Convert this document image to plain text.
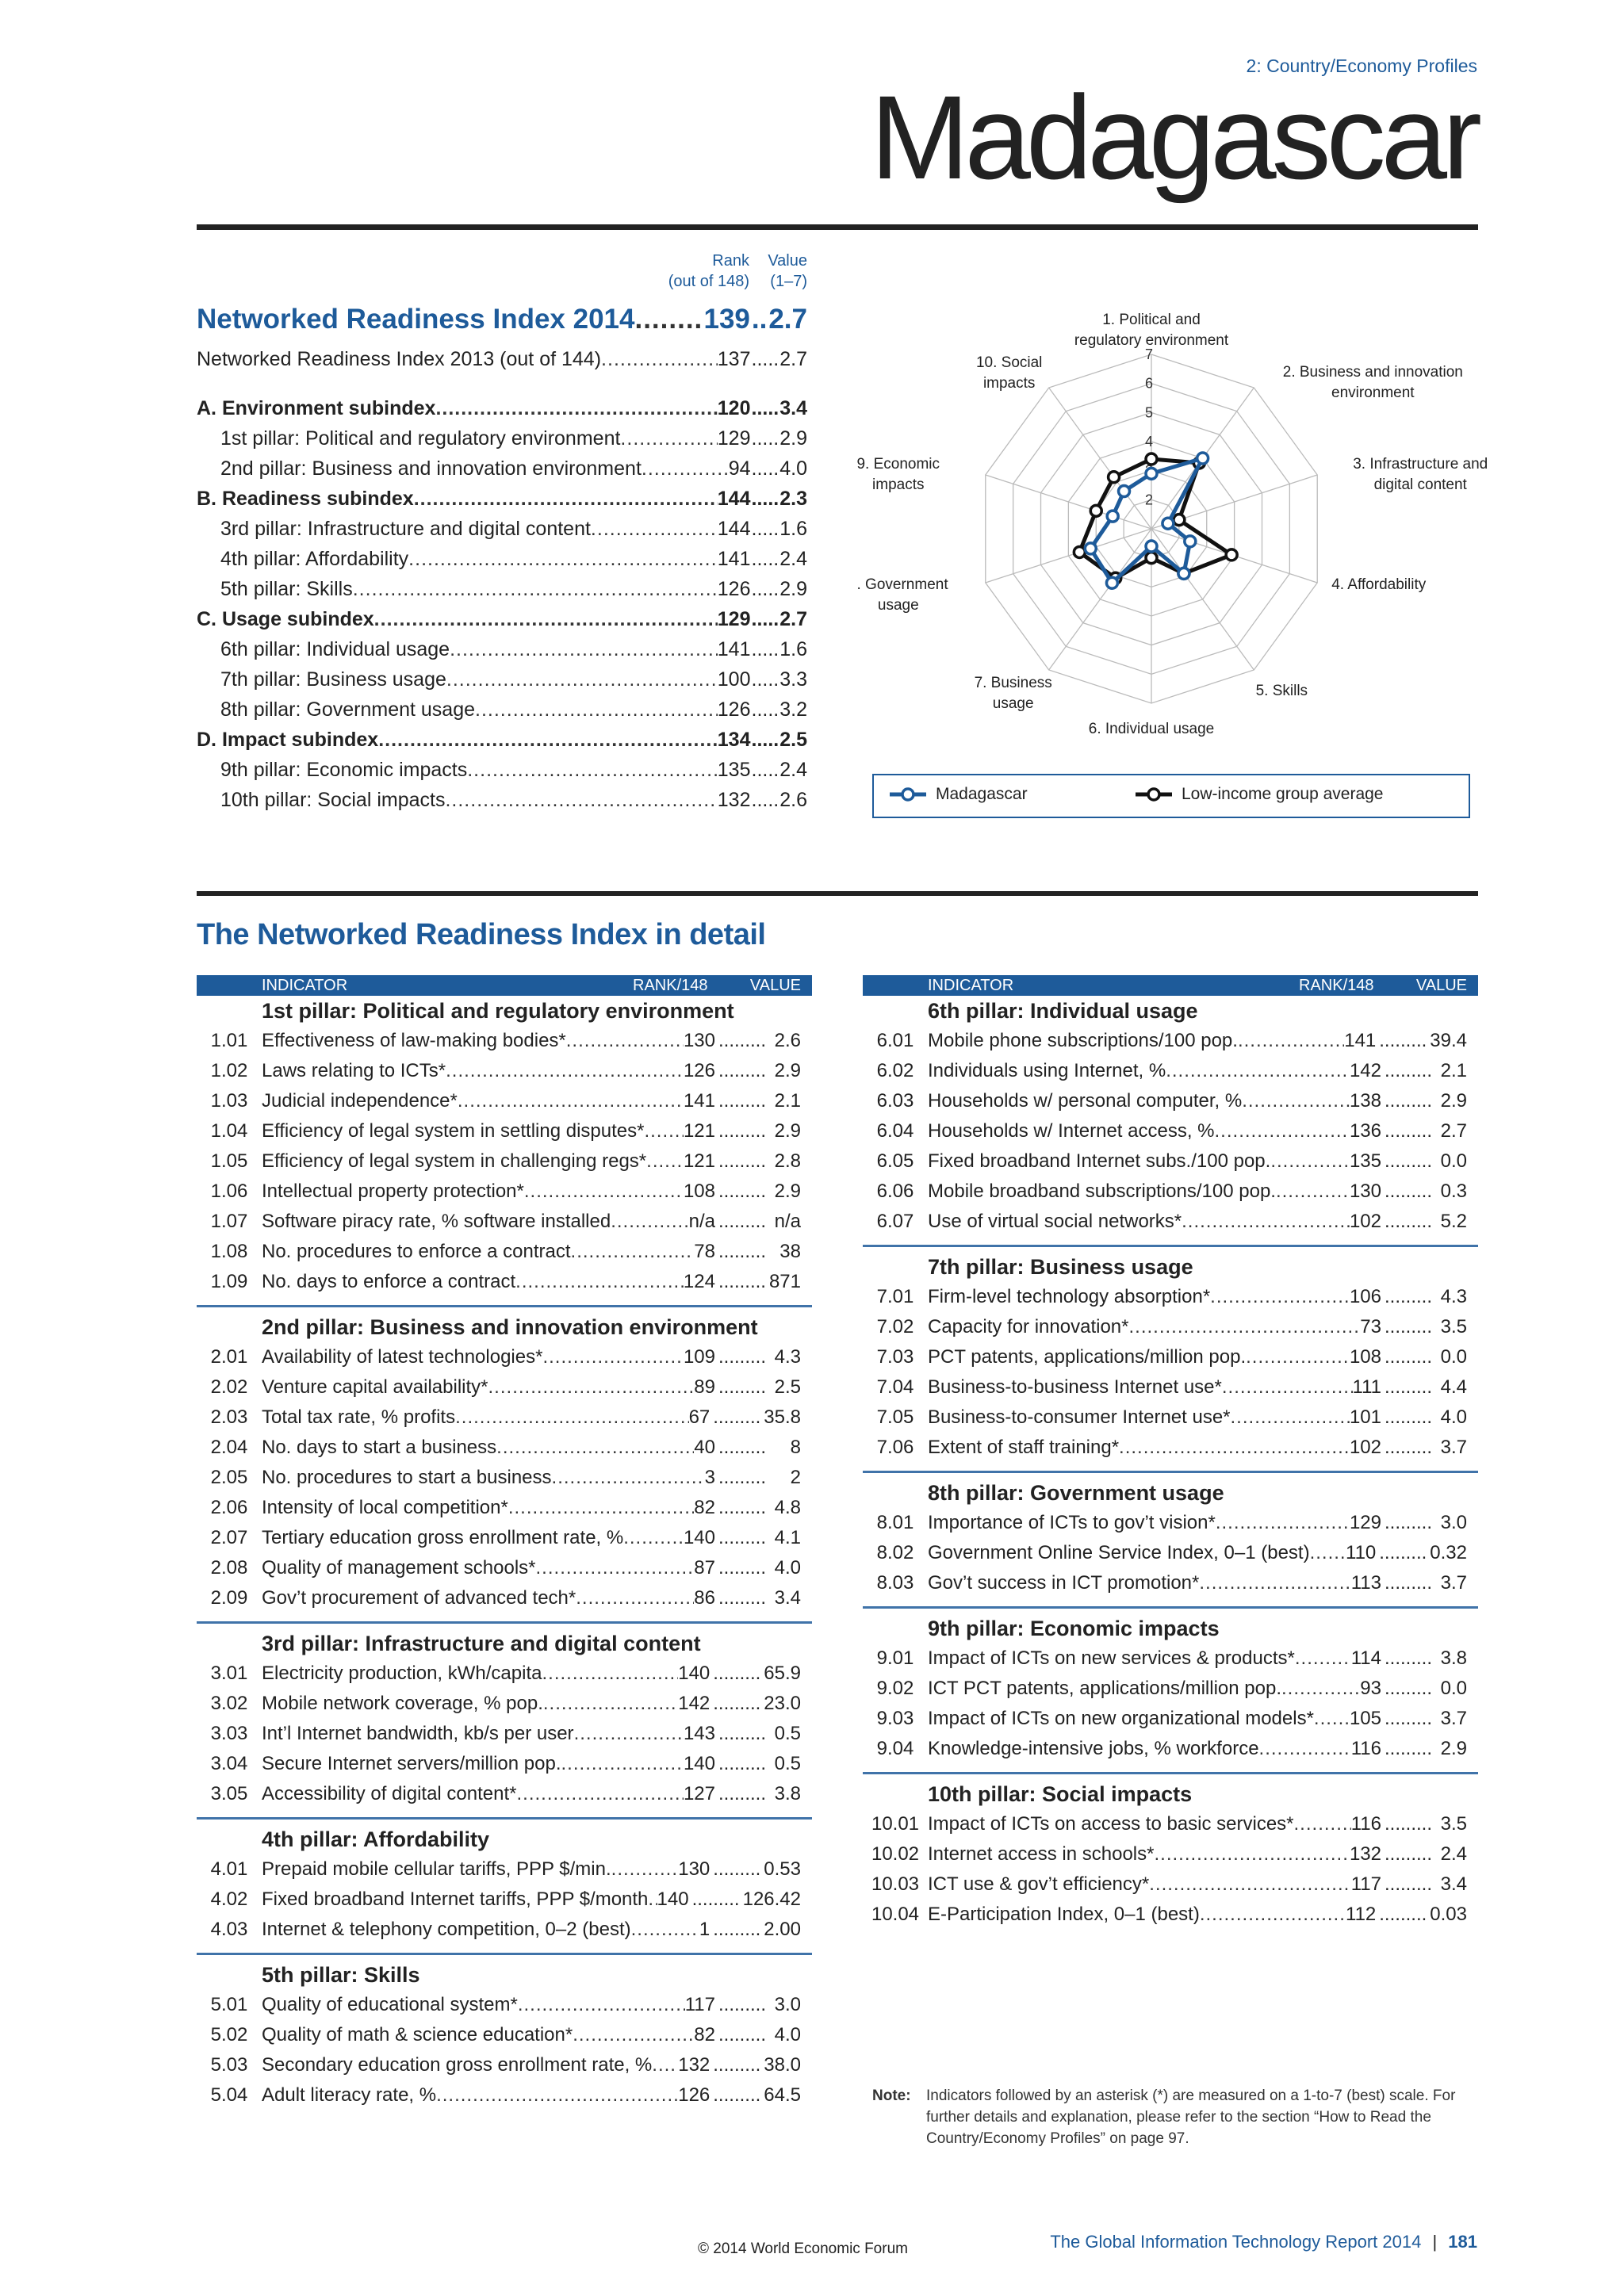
2: Country/Economy Profiles
Madagascar
Rank
(out of 148)
Value
(1–7)
Networked Readiness Index 2014 ..... 139 .. 2.7
Networked Readiness Index 2013 (out of 144) .....	137 ..... 2.7
A. Environment subindex .....	120 ..... 3.4
1st pillar: Political and regulatory environment .....	129 ..... 2.9
2nd pillar: Business and innovation environment .....	94 ..... 4.0
B. Readiness subindex .....	144 ..... 2.3
3rd pillar: Infrastructure and digital content .....	144 ..... 1.6
4th pillar: Affordability .....	141 ..... 2.4
5th pillar: Skills .....	126 ..... 2.9
C. Usage subindex .....	129 ..... 2.7
6th pillar: Individual usage .....	141 ..... 1.6
7th pillar: Business usage .....	100 ..... 3.3
8th pillar: Government usage .....	126 ..... 3.2
D. Impact subindex .....	134 ..... 2.5
9th pillar: Economic impacts .....	135 ..... 2.4
10th pillar: Social impacts .....	132 ..... 2.6
2
4
5
6
7
1. Political and regulatory environment
2. Business and innovation environment
3. Infrastructure and digital content
4. Affordability
5. Skills
6. Individual usage
7. Business usage
8. Government usage
9. Economic impacts
10. Social impacts
Madagascar	Low-income group average
The Networked Readiness Index in detail
INDICATOR	RANK/148	VALUE
1st pillar: Political and regulatory environment
1.01 Effectiveness of law-making bodies* .....	130 ......... 2.6
1.02 Laws relating to ICTs* .....	126 ......... 2.9
1.03 Judicial independence* .....	141 ......... 2.1
1.04 Efficiency of legal system in settling disputes* ..... 121 ......... 2.9
1.05 Efficiency of legal system in challenging regs* ..... 121 ......... 2.8
1.06 Intellectual property protection* .....	108 ......... 2.9
1.07 Software piracy rate, % software installed .....	n/a ......... n/a
1.08 No. procedures to enforce a contract .....	78 ......... 38
1.09 No. days to enforce a contract .....	124 ......... 871
2nd pillar: Business and innovation environment
2.01 Availability of latest technologies* .....	109 ......... 4.3
2.02 Venture capital availability* .....	89 ......... 2.5
2.03 Total tax rate, % profits .....	67 ......... 35.8
2.04 No. days to start a business .....	40 .........	8
2.05 No. procedures to start a business .....	3 .........	2
2.06 Intensity of local competition* .....	82 ......... 4.8
2.07 Tertiary education gross enrollment rate, % .....	140 ......... 4.1
2.08 Quality of management schools* .....	87 ......... 4.0
2.09 Gov’t procurement of advanced tech* .....	86 ......... 3.4
3rd pillar: Infrastructure and digital content
3.01 Electricity production, kWh/capita .....	140 ......... 65.9
3.02 Mobile network coverage, % pop. .....	142 ......... 23.0
3.03 Int’l Internet bandwidth, kb/s per user .....	143 ......... 0.5
3.04 Secure Internet servers/million pop. .....	140 ......... 0.5
3.05 Accessibility of digital content* .....	127 ......... 3.8
4th pillar: Affordability
4.01 Prepaid mobile cellular tariffs, PPP $/min. .....	130 ......... 0.53
4.02 Fixed broadband Internet tariffs, PPP $/month ..... 140 ......... 126.42
4.03 Internet & telephony competition, 0–2 (best) .....	1 ......... 2.00
5th pillar: Skills
5.01 Quality of educational system* .....	117 ......... 3.0
5.02 Quality of math & science education* .....	82 ......... 4.0
5.03 Secondary education gross enrollment rate, % ..... 132 ......... 38.0
5.04 Adult literacy rate, % .....	126 ......... 64.5
INDICATOR	RANK/148	VALUE
6th pillar: Individual usage
6.01 Mobile phone subscriptions/100 pop. .....	141 ......... 39.4
6.02 Individuals using Internet, % .....	142 ......... 2.1
6.03 Households w/ personal computer, % .....	138 ......... 2.9
6.04 Households w/ Internet access, % .....	136 ......... 2.7
6.05 Fixed broadband Internet subs./100 pop. .....	135 ......... 0.0
6.06 Mobile broadband subscriptions/100 pop. .....	130 ......... 0.3
6.07 Use of virtual social networks* .....	102 ......... 5.2
7th pillar: Business usage
7.01 Firm-level technology absorption* .....	106 ......... 4.3
7.02 Capacity for innovation* .....	73 ......... 3.5
7.03 PCT patents, applications/million pop. .....	108 ......... 0.0
7.04 Business-to-business Internet use* .....	111 ......... 4.4
7.05 Business-to-consumer Internet use* .....	101 ......... 4.0
7.06 Extent of staff training* .....	102 ......... 3.7
8th pillar: Government usage
8.01 Importance of ICTs to gov’t vision* .....	129 ......... 3.0
8.02 Government Online Service Index, 0–1 (best) ..... 110 ......... 0.32
8.03 Gov’t success in ICT promotion* .....	113 ......... 3.7
9th pillar: Economic impacts
9.01 Impact of ICTs on new services & products* .....	114 ......... 3.8
9.02 ICT PCT patents, applications/million pop. .....	93 ......... 0.0
9.03 Impact of ICTs on new organizational models* ..... 105 ......... 3.7
9.04 Knowledge-intensive jobs, % workforce .....	116 ......... 2.9
10th pillar: Social impacts
10.01 Impact of ICTs on access to basic services* .....	116 ......... 3.5
10.02 Internet access in schools* .....	132 ......... 2.4
10.03 ICT use & gov’t efficiency* .....	117 ......... 3.4
10.04 E-Participation Index, 0–1 (best) .....	112 ......... 0.03
Note:	Indicators followed by an asterisk (*) are measured on a 1-to-7 (best) scale. For further details and explanation, please refer to the section “How to Read the Country/Economy Profiles” on page 97.
The Global Information Technology Report 2014 | 181
© 2014 World Economic Forum
